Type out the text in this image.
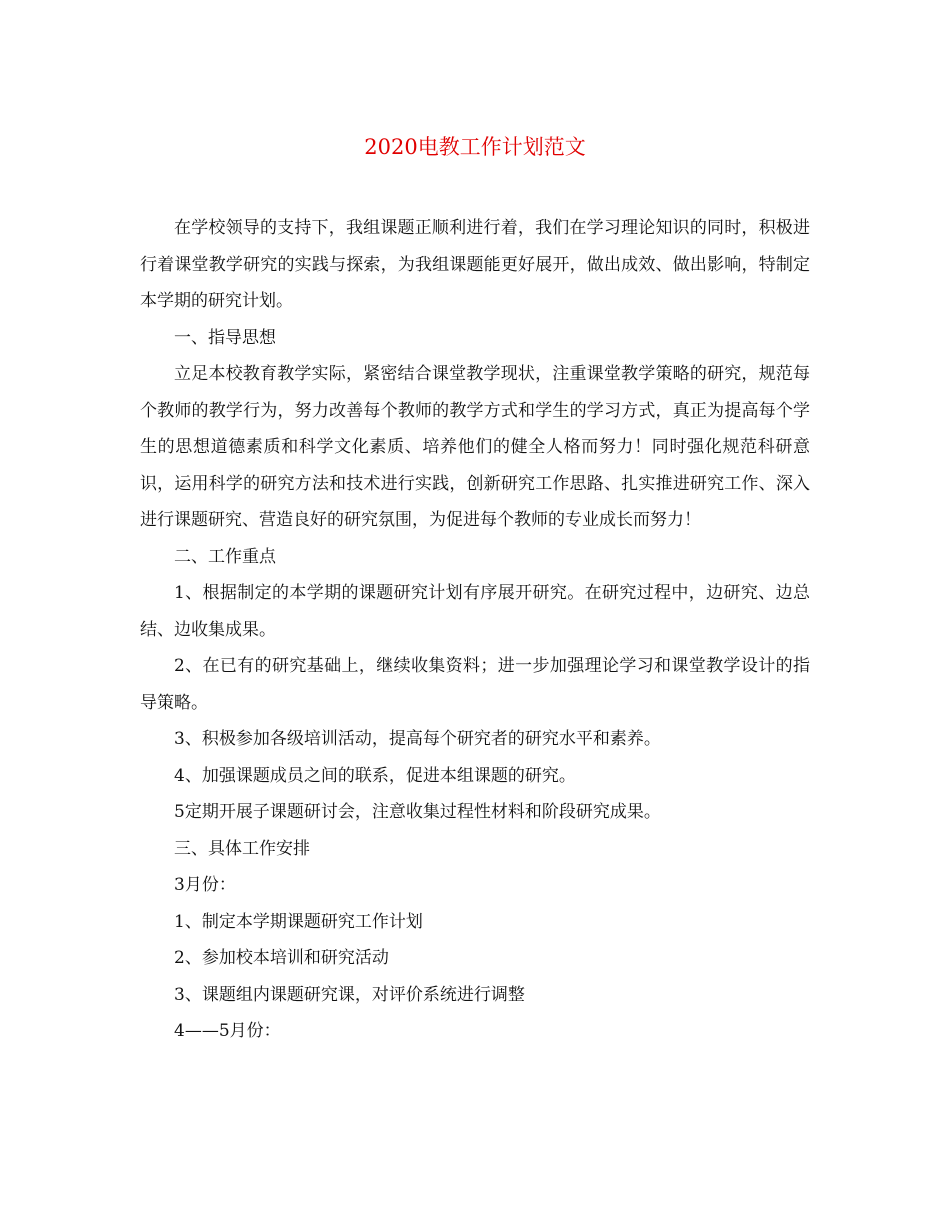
2020电教工作计划范文

在学校领导的支持下，我组课题正顺利进行着，我们在学习理论知识的同时，积极进行着课堂教学研究的实践与探索，为我组课题能更好展开，做出成效、做出影响，特制定本学期的研究计划。

一、指导思想

立足本校教育教学实际，紧密结合课堂教学现状，注重课堂教学策略的研究，规范每个教师的教学行为，努力改善每个教师的教学方式和学生的学习方式，真正为提高每个学生的思想道德素质和科学文化素质、培养他们的健全人格而努力！同时强化规范科研意识，运用科学的研究方法和技术进行实践，创新研究工作思路、扎实推进研究工作、深入进行课题研究、营造良好的研究氛围，为促进每个教师的专业成长而努力！

二、工作重点

1、根据制定的本学期的课题研究计划有序展开研究。在研究过程中，边研究、边总结、边收集成果。

2、在已有的研究基础上，继续收集资料；进一步加强理论学习和课堂教学设计的指导策略。

3、积极参加各级培训活动，提高每个研究者的研究水平和素养。

4、加强课题成员之间的联系，促进本组课题的研究。

5定期开展子课题研讨会，注意收集过程性材料和阶段研究成果。

三、具体工作安排

3月份：

1、制定本学期课题研究工作计划

2、参加校本培训和研究活动

3、课题组内课题研究课，对评价系统进行调整

4——5月份：
